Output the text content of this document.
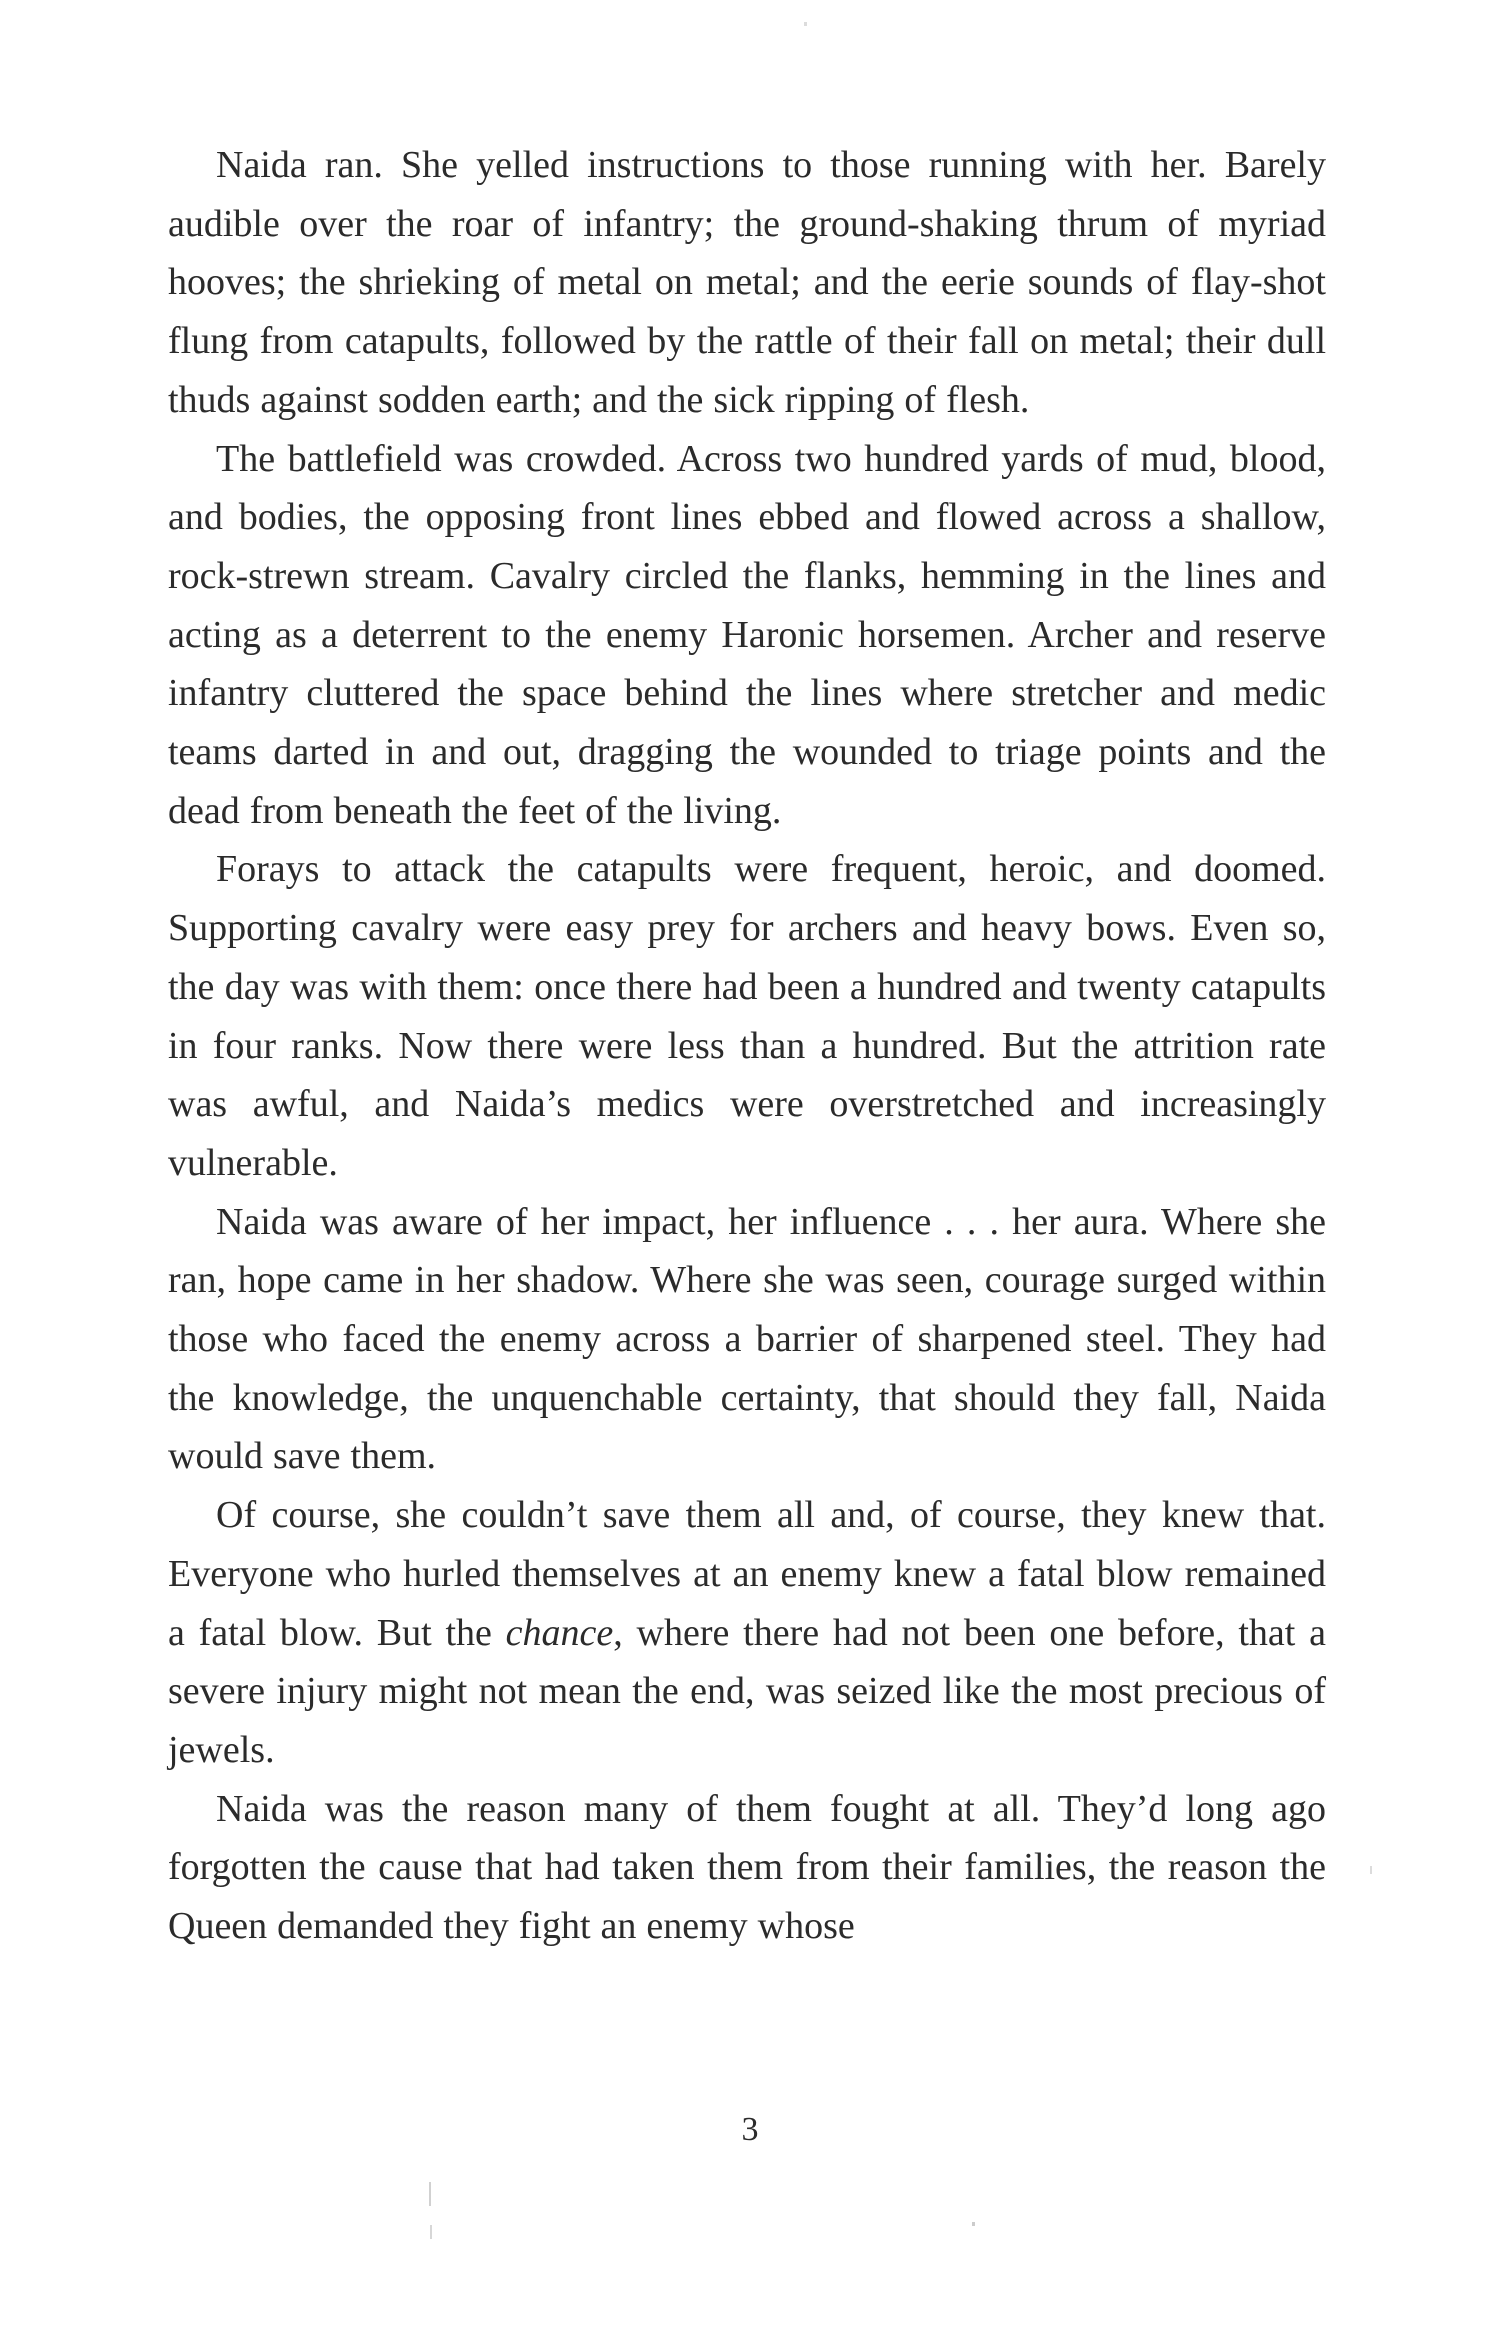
Naida ran. She yelled instructions to those running with her. Barely audible over the roar of infantry; the ground-shaking thrum of myriad hooves; the shrieking of metal on metal; and the eerie sounds of flay-shot flung from catapults, followed by the rattle of their fall on metal; their dull thuds against sodden earth; and the sick ripping of flesh.

The battlefield was crowded. Across two hundred yards of mud, blood, and bodies, the opposing front lines ebbed and flowed across a shallow, rock-strewn stream. Cavalry circled the flanks, hemming in the lines and acting as a deterrent to the enemy Haronic horsemen. Archer and reserve infantry cluttered the space behind the lines where stretcher and medic teams darted in and out, dragging the wounded to triage points and the dead from beneath the feet of the living.

Forays to attack the catapults were frequent, heroic, and doomed. Supporting cavalry were easy prey for archers and heavy bows. Even so, the day was with them: once there had been a hundred and twenty catapults in four ranks. Now there were less than a hundred. But the attrition rate was awful, and Naida’s medics were overstretched and increasingly vulnerable.

Naida was aware of her impact, her influence . . . her aura. Where she ran, hope came in her shadow. Where she was seen, courage surged within those who faced the enemy across a barrier of sharpened steel. They had the knowledge, the unquenchable certainty, that should they fall, Naida would save them.

Of course, she couldn’t save them all and, of course, they knew that. Everyone who hurled themselves at an enemy knew a fatal blow remained a fatal blow. But the chance, where there had not been one before, that a severe injury might not mean the end, was seized like the most precious of jewels.

Naida was the reason many of them fought at all. They’d long ago forgotten the cause that had taken them from their families, the reason the Queen demanded they fight an enemy whose

3
